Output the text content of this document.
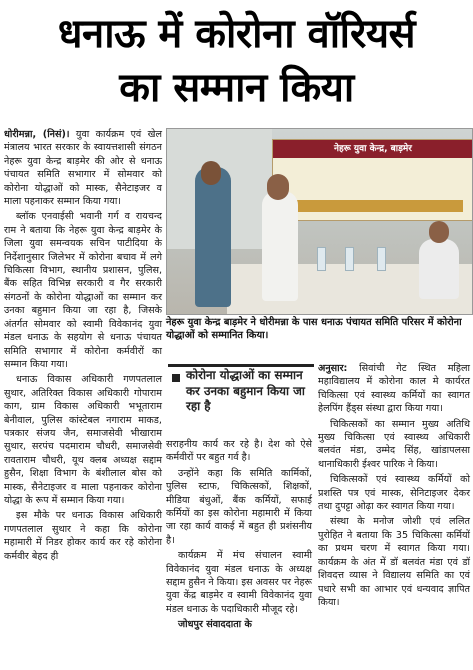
धनाऊ में कोरोना वॉरियर्स
का सम्मान किया

धोरीमन्ना, (निसं)। युवा कार्यक्रम एवं खेल मंत्रालय भारत सरकार के स्वायत्तशासी संगठन नेहरू युवा केन्द्र बाड़मेर की ओर से धनाऊ पंचायत समिति सभागार में सोमवार को कोरोना योद्धाओं को मास्क, सैनेटाइजर व माला पहनाकर सम्मान किया गया।

ब्लॉक एनवाईसी भवानी गर्ग व रायचन्द राम ने बताया कि नेहरू युवा केन्द्र बाड़मेर के जिला युवा समन्वयक सचिन पाटीदिया के निर्देशानुसार जिलेभर में कोरोना बचाव में लगे चिकित्सा विभाग, स्थानीय प्रशासन, पुलिस, बैंक सहित विभिन्न सरकारी व गैर सरकारी संगठनों के कोरोना योद्धाओं का सम्मान कर उनका बहुमान किया जा रहा है, जिसके अंतर्गत सोमवार को स्वामी विवेकानंद युवा मंडल धनाऊ के सहयोग से धनाऊ पंचायत समिति सभागार में कोरोना कर्मवीरों का सम्मान किया गया।

धनाऊ विकास अधिकारी गणपतलाल सुथार, अतिरिक्त विकास अधिकारी गोपाराम काग, ग्राम विकास अधिकारी भभूताराम बेनीवाल, पुलिस कांस्टेबल नगाराम माकड, पत्रकार संजय जैन, समाजसेवी भीखाराम सुथार, सरपंच पदमाराम चौधरी, समाजसेवी रावताराम चौधरी, यूथ क्लब अध्यक्ष सद्दाम हुसैन, शिक्षा विभाग के बंशीलाल बोस को मास्क, सैनेटाइजर व माला पहनाकर कोरोना योद्धा के रूप में सम्मान किया गया।

इस मौके पर धनाऊ विकास अधिकारी गणपतलाल सुथार ने कहा कि कोरोना महामारी में निडर होकर कार्य कर रहे कोरोना कर्मवीर बेहद ही

नेहरू युवा केन्द्र, बाड़मेर
नेहरू युवा केन्द्र बाड़मेर ने धोरीमन्ना के पास धनाऊ पंचायत समिति परिसर में कोरोना योद्धाओं को सम्मानित किया।
कोरोना योद्धाओं का सम्मान कर उनका बहुमान किया जा रहा है

सराहनीय कार्य कर रहे है। देश को ऐसे कर्मवीरों पर बहुत गर्व है।

उन्होंने कहा कि समिति कार्मिकों, पुलिस स्टाफ, चिकित्सकों, शिक्षकों, मीडिया बंधुओं, बैंक कर्मियों, सफाई कर्मियों का इस कोरोना महामारी में किया जा रहा कार्य वाकई में बहुत ही प्रशंसनीय है।

कार्यक्रम में मंच संचालन स्वामी विवेकानंद युवा मंडल धनाऊ के अध्यक्ष सद्दाम हुसैन ने किया। इस अवसर पर नेहरू युवा केंद्र बाड़मेर व स्वामी विवेकानंद युवा मंडल धनाऊ के पदाधिकारी मौजूद रहे।

जोधपुर संवाददाता के

अनुसार: सिवांची गेट स्थित महिला महाविद्यालय में कोरोना काल मे कार्यरत चिकित्सा एवं स्वास्थ्य कर्मियों का स्वागत हेलपिंग हैंड्स संस्था द्वारा किया गया।

चिकित्सकों का सम्मान मुख्य अतिथि मुख्य चिकित्सा एवं स्वास्थ्य अधिकारी बलवंत मंडा, उम्मेद सिंह, खांडापलसा थानाधिकारी ईश्वर पारिक ने किया।

चिकित्सकों एवं स्वास्थ्य कर्मियों को प्रशस्ति पत्र एवं मास्क, सेनिटाइजर देकर तथा दुपट्टा ओढ़ा कर स्वागत किया गया।

संस्था के मनोज जोशी एवं ललित पुरोहित ने बताया कि 35 चिकित्सा कर्मियों का प्रथम चरण में स्वागत किया गया। कार्यक्रम के अंत में डॉ बलवंत मंडा एवं डॉ शिवदत्त व्यास ने विद्यालय समिति का एवं पधारे सभी का आभार एवं धन्यवाद ज्ञापित किया।
